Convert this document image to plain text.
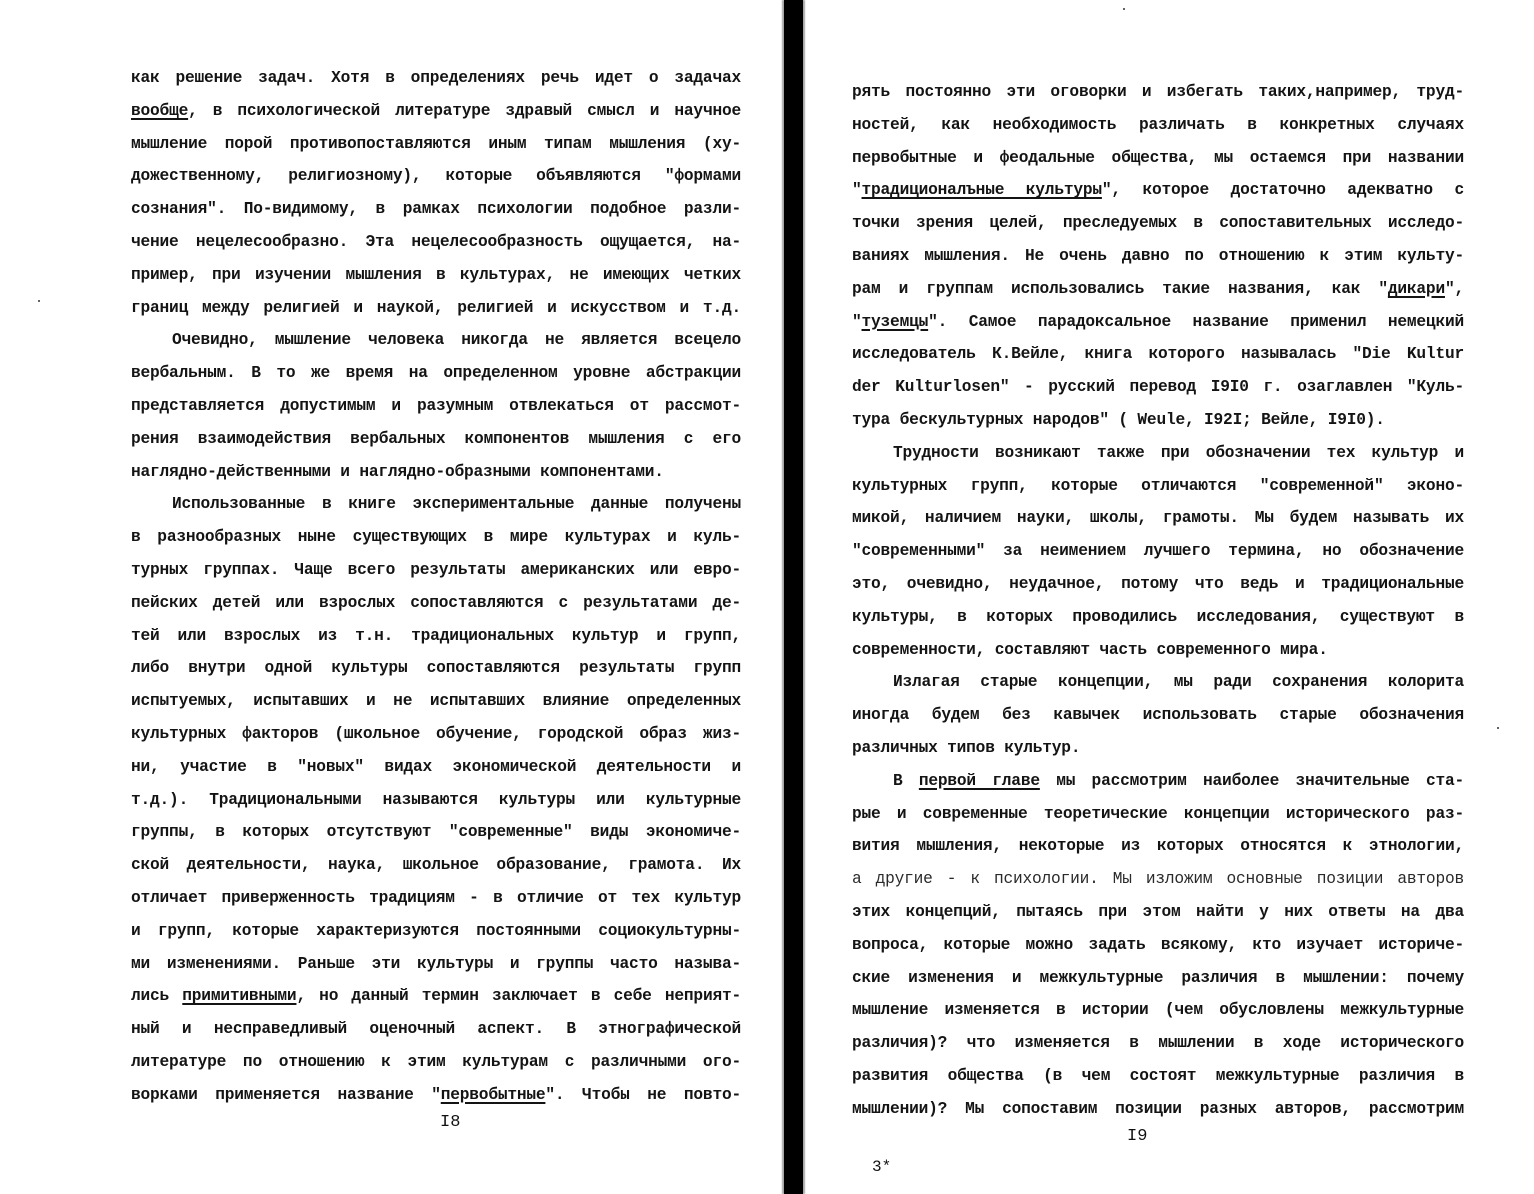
как решение задач. Хотя в определениях речь идет о задачах
вообще, в психологической литературе здравый смысл и научное
мышление порой противопоставляются иным типам мышления (ху-
дожественному, религиозному), которые объявляются "формами
сознания". По-видимому, в рамках психологии подобное разли-
чение нецелесообразно. Эта нецелесообразность ощущается, на-
пример, при изучении мышления в культурах, не имеющих четких
границ между религией и наукой, религией и искусством и т.д.
Очевидно, мышление человека никогда не является всецело
вербальным. В то же время на определенном уровне абстракции
представляется допустимым и разумным отвлекаться от рассмот-
рения взаимодействия вербальных компонентов мышления с его
наглядно-действенными и наглядно-образными компонентами.
Использованные в книге экспериментальные данные получены
в разнообразных ныне существующих в мире культурах и куль-
турных группах. Чаще всего результаты американских или евро-
пейских детей или взрослых сопоставляются с результатами де-
тей или взрослых из т.н. традициональных культур и групп,
либо внутри одной культуры сопоставляются результаты групп
испытуемых, испытавших и не испытавших влияние определенных
культурных факторов (школьное обучение, городской образ жиз-
ни, участие в "новых" видах экономической деятельности и
т.д.). Традициональными называются культуры или культурные
группы, в которых отсутствуют "современные" виды экономиче-
ской деятельности, наука, школьное образование, грамота. Их
отличает приверженность традициям - в отличие от тех культур
и групп, которые характеризуются постоянными социокультурны-
ми изменениями. Раньше эти культуры и группы часто называ-
лись примитивными, но данный термин заключает в себе неприят-
ный и несправедливый оценочный аспект. В этнографической
литературе по отношению к этим культурам с различными ого-
ворками применяется название "первобытные". Чтобы не повто-
I8
рять постоянно эти оговорки и избегать таких,например, труд-
ностей, как необходимость различать в конкретных случаях
первобытные и феодальные общества, мы остаемся при названии
"традиционалъные культуры", которое достаточно адекватно с
точки зрения целей, преследуемых в сопоставительных исследо-
ваниях мышления. Не очень давно по отношению к этим культу-
рам и группам использовались такие названия, как "дикари",
"туземцы". Самое парадоксальное название применил немецкий
исследователь К.Вейле, книга которого называлась "Die Kultur
der Kulturlosen" - русский перевод I9I0 г. озаглавлен "Куль-
тура бескультурных народов" ( Weule, I92I; Вейле, I9I0).
Трудности возникают также при обозначении тех культур и
культурных групп, которые отличаются "современной" эконо-
микой, наличием науки, школы, грамоты. Мы будем называть их
"современными" за неимением лучшего термина, но обозначение
это, очевидно, неудачное, потому что ведь и традициональные
культуры, в которых проводились исследования, существуют в
современности, составляют часть современного мира.
Излагая старые концепции, мы ради сохранения колорита
иногда будем без кавычек использовать старые обозначения
различных типов культур.
В первой главе мы рассмотрим наиболее значительные ста-
рые и современные теоретические концепции исторического раз-
вития мышления, некоторые из которых относятся к этнологии,
а другие - к психологии. Мы изложим основные позиции авторов
этих концепций, пытаясь при этом найти у них ответы на два
вопроса, которые можно задать всякому, кто изучает историче-
ские изменения и межкультурные различия в мышлении: почему
мышление изменяется в истории (чем обусловлены межкультурные
различия)? что изменяется в мышлении в ходе исторического
развития общества (в чем состоят межкультурные различия в
мышлении)? Мы сопоставим позиции разных авторов, рассмотрим
I9
3*
